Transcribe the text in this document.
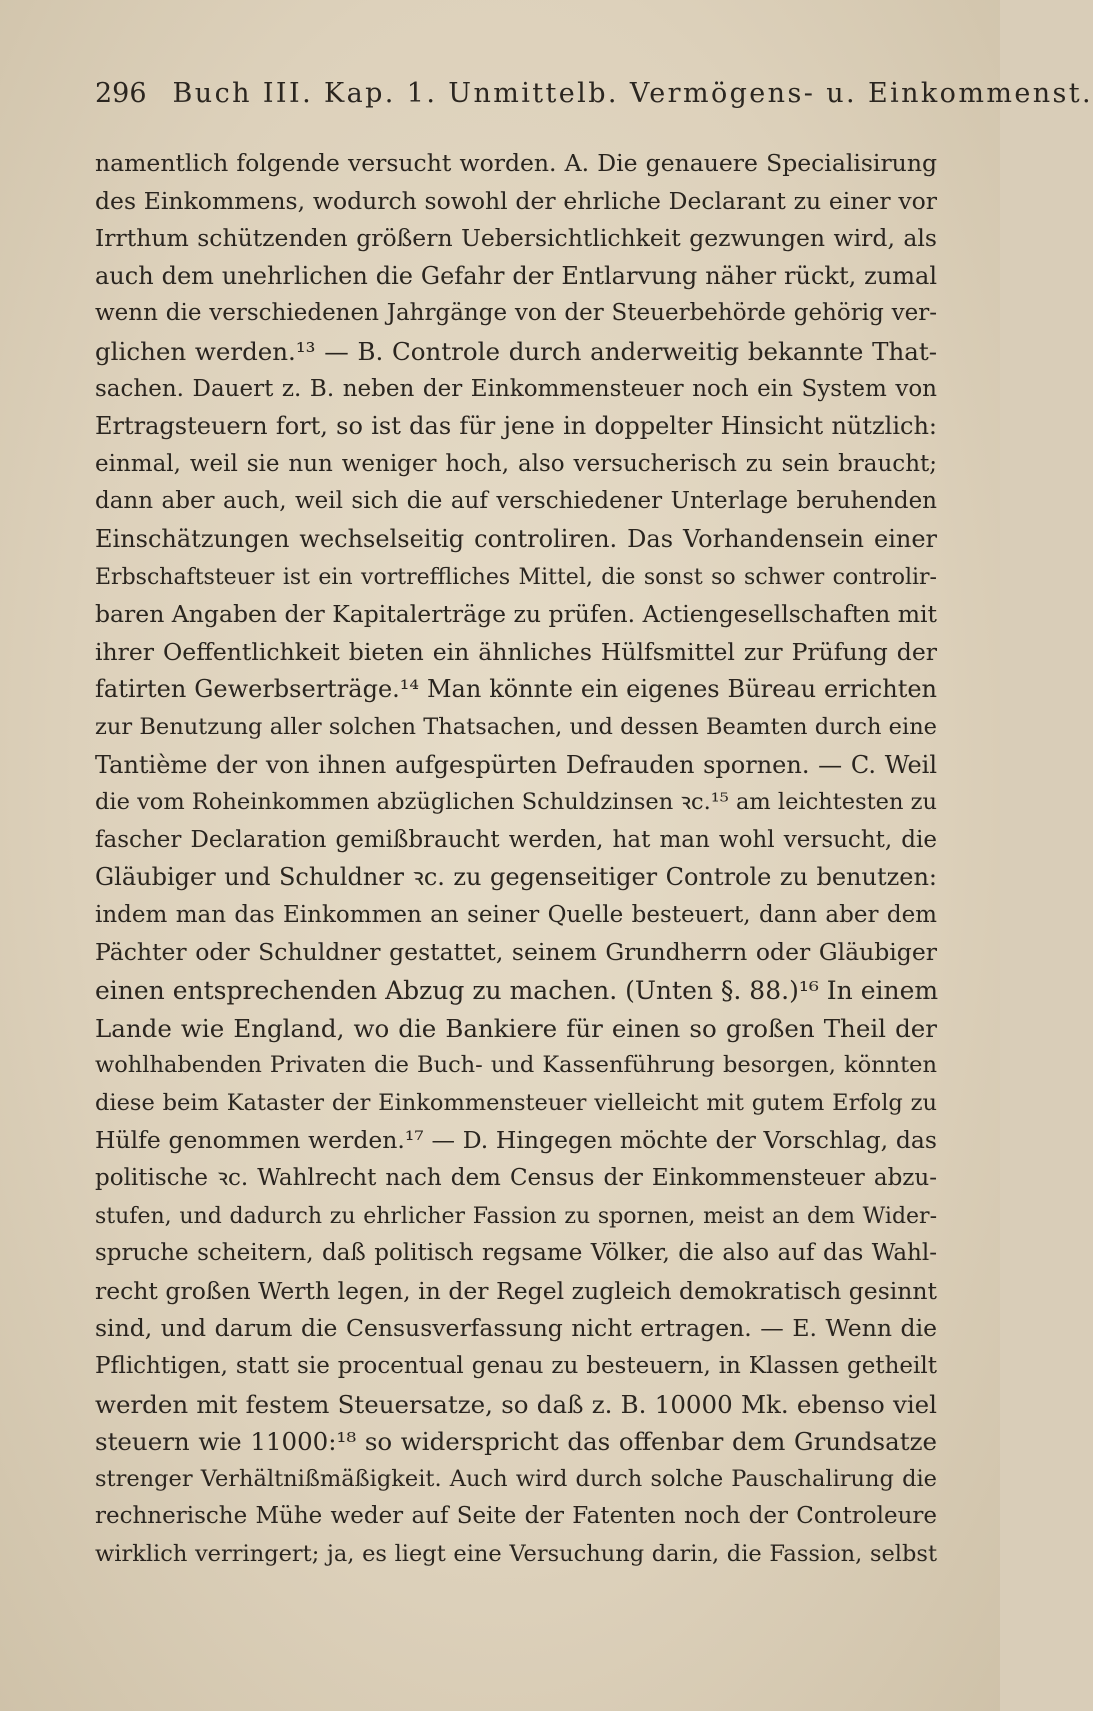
296 Buch III. Kap. 1. Unmittelb. Vermögens- u. Einkommenst.
namentlich folgende versucht worden. A. Die genauere Specialisirung
des Einkommens, wodurch sowohl der ehrliche Declarant zu einer vor
Irrthum schützenden größern Uebersichtlichkeit gezwungen wird, als
auch dem unehrlichen die Gefahr der Entlarvung näher rückt, zumal
wenn die verschiedenen Jahrgänge von der Steuerbehörde gehörig ver-
glichen werden.¹³ — B. Controle durch anderweitig bekannte That-
sachen. Dauert z. B. neben der Einkommensteuer noch ein System von
Ertragsteuern fort, so ist das für jene in doppelter Hinsicht nützlich:
einmal, weil sie nun weniger hoch, also versucherisch zu sein braucht;
dann aber auch, weil sich die auf verschiedener Unterlage beruhenden
Einschätzungen wechselseitig controliren. Das Vorhandensein einer
Erbschaftsteuer ist ein vortreffliches Mittel, die sonst so schwer controlir-
baren Angaben der Kapitalerträge zu prüfen. Actiengesellschaften mit
ihrer Oeffentlichkeit bieten ein ähnliches Hülfsmittel zur Prüfung der
fatirten Gewerbserträge.¹⁴ Man könnte ein eigenes Büreau errichten
zur Benutzung aller solchen Thatsachen, und dessen Beamten durch eine
Tantième der von ihnen aufgespürten Defrauden spornen. — C. Weil
die vom Roheinkommen abzüglichen Schuldzinsen ꝛc.¹⁵ am leichtesten zu
fascher Declaration gemißbraucht werden, hat man wohl versucht, die
Gläubiger und Schuldner ꝛc. zu gegenseitiger Controle zu benutzen:
indem man das Einkommen an seiner Quelle besteuert, dann aber dem
Pächter oder Schuldner gestattet, seinem Grundherrn oder Gläubiger
einen entsprechenden Abzug zu machen. (Unten §. 88.)¹⁶ In einem
Lande wie England, wo die Bankiere für einen so großen Theil der
wohlhabenden Privaten die Buch- und Kassenführung besorgen, könnten
diese beim Kataster der Einkommensteuer vielleicht mit gutem Erfolg zu
Hülfe genommen werden.¹⁷ — D. Hingegen möchte der Vorschlag, das
politische ꝛc. Wahlrecht nach dem Census der Einkommensteuer abzu-
stufen, und dadurch zu ehrlicher Fassion zu spornen, meist an dem Wider-
spruche scheitern, daß politisch regsame Völker, die also auf das Wahl-
recht großen Werth legen, in der Regel zugleich demokratisch gesinnt
sind, und darum die Censusverfassung nicht ertragen. — E. Wenn die
Pflichtigen, statt sie procentual genau zu besteuern, in Klassen getheilt
werden mit festem Steuersatze, so daß z. B. 10000 Mk. ebenso viel
steuern wie 11000:¹⁸ so widerspricht das offenbar dem Grundsatze
strenger Verhältnißmäßigkeit. Auch wird durch solche Pauschalirung die
rechnerische Mühe weder auf Seite der Fatenten noch der Controleure
wirklich verringert; ja, es liegt eine Versuchung darin, die Fassion, selbst
